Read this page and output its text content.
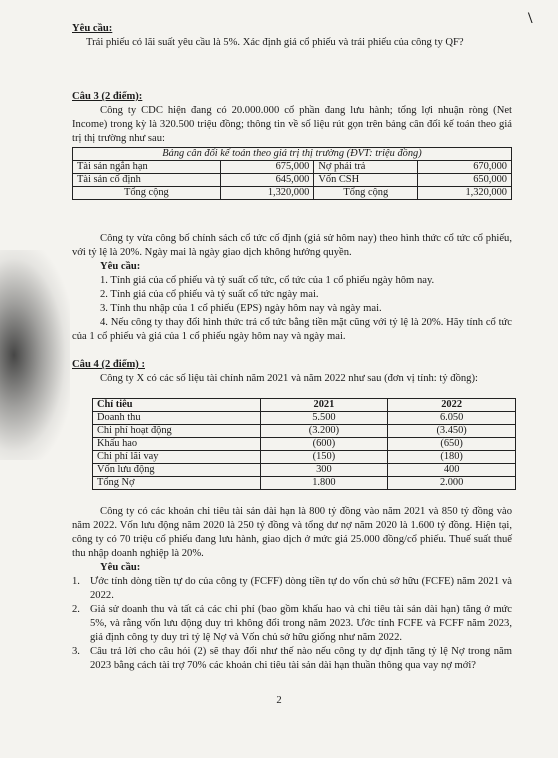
\

Yêu cầu:

Trái phiếu có lãi suất yêu cầu là 5%. Xác định giá cổ phiếu và trái phiếu của công ty QF?

Câu 3 (2 điểm):

Công ty CDC hiện đang có 20.000.000 cổ phần đang lưu hành; tổng lợi nhuận ròng (Net Income) trong kỳ là 320.500 triệu đồng; thông tin về số liệu rút gọn trên bảng cân đối kế toán theo giá trị thị trường như sau:

Bảng cân đối kế toán theo giá trị thị trường (ĐVT: triệu đồng)			
Tài sản ngắn hạn	675,000	Nợ phải trả	670,000
Tài sản cố định	645,000	Vốn CSH	650,000
Tổng cộng	1,320,000	Tổng cộng	1,320,000

Công ty vừa công bố chính sách cổ tức cố định (giả sử hôm nay) theo hình thức cổ tức cổ phiếu, với tỷ lệ là 20%. Ngày mai là ngày giao dịch không hưởng quyền.

Yêu cầu:

1. Tính giá của cổ phiếu và tỷ suất cổ tức, cổ tức của 1 cổ phiếu ngày hôm nay.

2. Tính giá của cổ phiếu và tỷ suất cổ tức ngày mai.

3. Tính thu nhập của 1 cổ phiếu (EPS) ngày hôm nay và ngày mai.

4. Nếu công ty thay đổi hình thức trả cổ tức bằng tiền mặt cũng với tỷ lệ là 20%. Hãy tính cổ tức của 1 cổ phiếu và giá của 1 cổ phiếu ngày hôm nay và ngày mai.

Câu 4 (2 điểm) :

Công ty X có các số liệu tài chính năm 2021 và năm 2022 như sau (đơn vị tính: tỷ đồng):

Chỉ tiêu	2021	2022
Doanh thu	5.500	6.050
Chi phí hoạt động	(3.200)	(3.450)
Khấu hao	(600)	(650)
Chi phí lãi vay	(150)	(180)
Vốn lưu động	300	400
Tổng Nợ	1.800	2.000

Công ty có các khoản chi tiêu tài sản dài hạn là 800 tỷ đồng vào năm 2021 và 850 tỷ đồng vào năm 2022. Vốn lưu động năm 2020 là 250 tỷ đồng và tổng dư nợ năm 2020 là 1.600 tỷ đồng. Hiện tại, công ty có 70 triệu cổ phiếu đang lưu hành, giao dịch ở mức giá 25.000 đồng/cổ phiếu. Thuế suất thuế thu nhập doanh nghiệp là 20%.

Yêu cầu:

1. Ước tính dòng tiền tự do của công ty (FCFF) dòng tiền tự do vốn chủ sở hữu (FCFE) năm 2021 và 2022.
2. Giả sử doanh thu và tất cả các chi phí (bao gồm khấu hao và chi tiêu tài sản dài hạn) tăng ở mức 5%, và rằng vốn lưu động duy trì không đổi trong năm 2023. Ước tính FCFE và FCFF năm 2023, giả định công ty duy trì tỷ lệ Nợ và Vốn chủ sở hữu giống như năm 2022.
3. Câu trả lời cho câu hỏi (2) sẽ thay đổi như thế nào nếu công ty dự định tăng tỷ lệ Nợ trong năm 2023 bằng cách tài trợ 70% các khoản chi tiêu tài sản dài hạn thuần thông qua vay nợ mới?
2
